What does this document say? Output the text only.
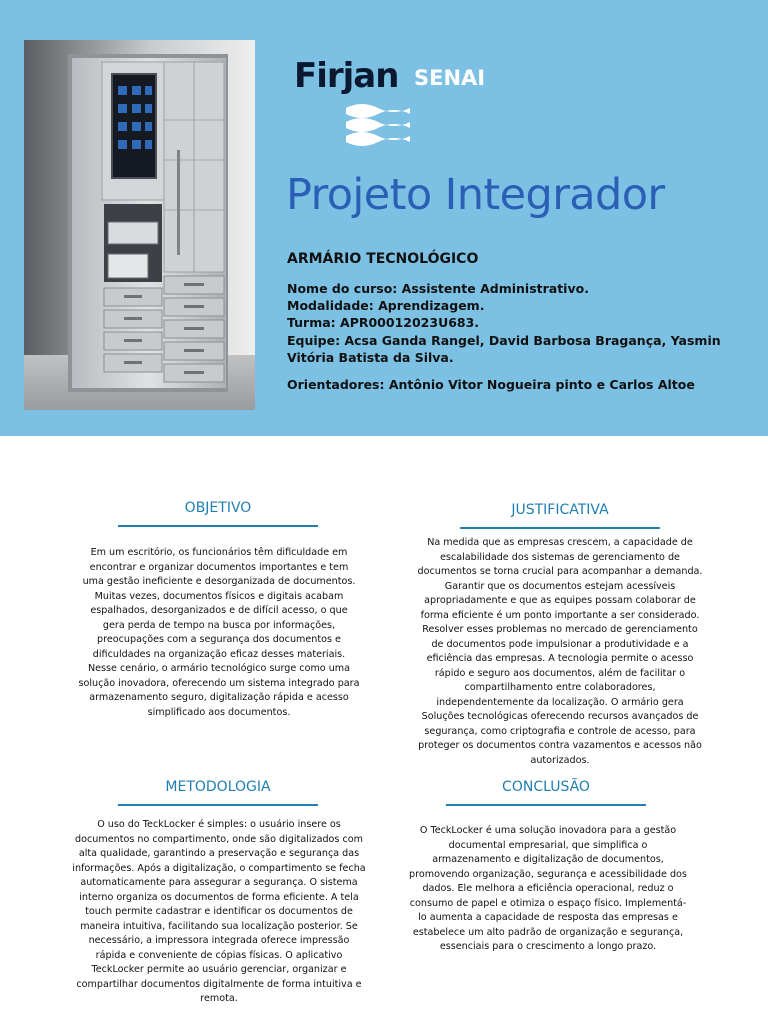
Firjan SENAI
Projeto Integrador
ARMÁRIO TECNOLÓGICO
Nome do curso: Assistente Administrativo.
Modalidade: Aprendizagem.
Turma: APR00012023U683.
Equipe: Acsa Ganda Rangel, David Barbosa Bragança, Yasmin Vitória Batista da Silva.
Orientadores: Antônio Vitor Nogueira pinto e Carlos Altoe
OBJETIVO

Em um escritório, os funcionários têm dificuldade em encontrar e organizar documentos importantes e tem uma gestão ineficiente e desorganizada de documentos. Muitas vezes, documentos físicos e digitais acabam espalhados, desorganizados e de difícil acesso, o que gera perda de tempo na busca por informações, preocupações com a segurança dos documentos e dificuldades na organização eficaz desses materiais. Nesse cenário, o armário tecnológico surge como uma solução inovadora, oferecendo um sistema integrado para armazenamento seguro, digitalização rápida e acesso simplificado aos documentos.

JUSTIFICATIVA

Na medida que as empresas crescem, a capacidade de escalabilidade dos sistemas de gerenciamento de documentos se torna crucial para acompanhar a demanda. Garantir que os documentos estejam acessíveis apropriadamente e que as equipes possam colaborar de forma eficiente é um ponto importante a ser considerado. Resolver esses problemas no mercado de gerenciamento de documentos pode impulsionar a produtividade e a eficiência das empresas. A tecnologia permite o acesso rápido e seguro aos documentos, além de facilitar o compartilhamento entre colaboradores, independentemente da localização. O armário gera Soluções tecnológicas oferecendo recursos avançados de segurança, como criptografia e controle de acesso, para proteger os documentos contra vazamentos e acessos não autorizados.

METODOLOGIA

O uso do TeckLocker é simples: o usuário insere os documentos no compartimento, onde são digitalizados com alta qualidade, garantindo a preservação e segurança das informações. Após a digitalização, o compartimento se fecha automaticamente para assegurar a segurança. O sistema interno organiza os documentos de forma eficiente. A tela touch permite cadastrar e identificar os documentos de maneira intuitiva, facilitando sua localização posterior. Se necessário, a impressora integrada oferece impressão rápida e conveniente de cópias físicas. O aplicativo TeckLocker permite ao usuário gerenciar, organizar e compartilhar documentos digitalmente de forma intuitiva e remota.

CONCLUSÃO

O TeckLocker é uma solução inovadora para a gestão documental empresarial, que simplifica o armazenamento e digitalização de documentos, promovendo organização, segurança e acessibilidade dos dados. Ele melhora a eficiência operacional, reduz o consumo de papel e otimiza o espaço físico. Implementá-lo aumenta a capacidade de resposta das empresas e estabelece um alto padrão de organização e segurança, essenciais para o crescimento a longo prazo.
